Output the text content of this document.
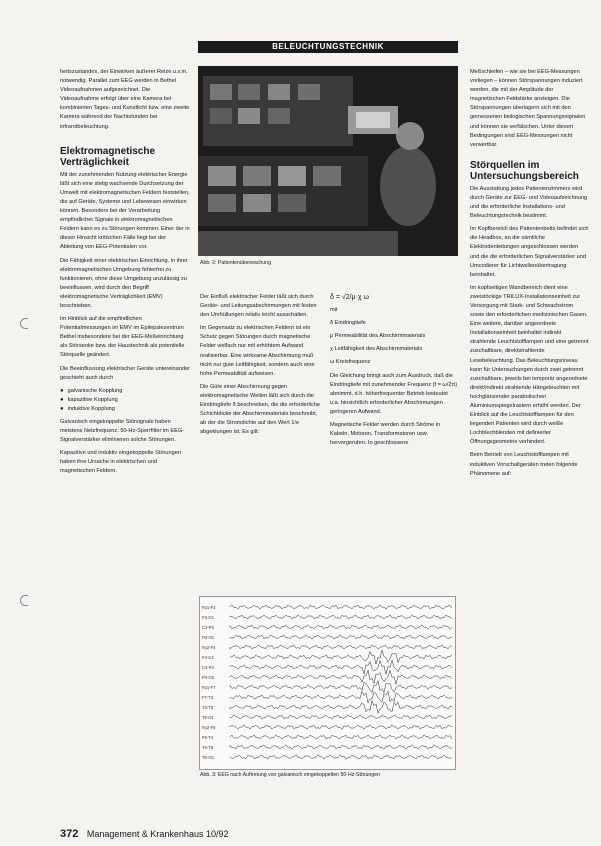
BELEUCHTUNGSTECHNIK

heitszustandes, der Einwirken äußerer Reize u.v.m. notwendig. Parallel zum EEG werden in Bethel Videoaufnahmen aufgezeichnet. Die Videoaufnahme erfolgt über eine Kamera bei kombinierten Tages- und Kunstlicht bzw. eine zweite Kamera während der Nachtstunden bei infrarotbeleuchtung.

Elektromagnetische Verträglichkeit

Mit der zunehmenden Nutzung elektrischer Energie läßt sich eine stetig wachsende Durchsetzung der Umwelt mit elektromagnetischen Feldern feststellen, die auf Geräte, Systeme und Lebewesen einwirken können. Besonders bei der Verarbeitung empfindlicher Signale in elektromagnetischen Feldern kann es zu Störungen kommen. Einer der in dieser Hinsicht kritischen Fälle liegt bei der Ableitung von EEG-Potentialen vor.

Die Fähigkeit einer elektrischen Einrichtung, in ihrer elektromagnetischen Umgebung fehlerfrei zu funktionieren, ohne diese Umgebung unzulässig zu beeinflussen, wird durch den Begriff elektromagnetische Verträglichkeit (EMV) beschrieben.

Im Hinblick auf die empfindlichen Potentialmessungen im EMV im Epilepsiezentrum Bethel insbesondere bei der EEG-Meßeinrichtung als Störsenke bzw. der Haustechnik als potentielle Störquelle geändert.

Die Beeinflussung elektrischer Geräte untereinander geschieht auch durch

● galvanische Kopplung
● kapazitive Kopplung
● induktive Kopplung

Galvanisch eingekoppelte Störsignale haben meistens Netzfrequenz. 50-Hz-Sperrfilter im EEG-Signalverstärker eliminieren solche Störungen.

Kapazitive und induktiv eingekoppelte Störungen haben ihre Ursache in elektrischen und magnetischen Feldern.

Abb. 2: Patientenüberwachung

Der Einfluß elektrischer Felder läßt sich durch Geräte- und Leitungsabschirmungen mit festen den Umhüllungen relativ leicht ausschalten.

Im Gegensatz zu elektrischen Feldern ist ein Schutz gegen Störungen durch magnetische Felder vielfach nur mit erhöhtem Aufwand realisierbar. Eine wirksame Abschirmung muß nicht nur gute Leitfähigkeit, sondern auch eine hohe Permeabilität aufweisen.

Die Güte einer Abschirmung gegen elektromagnetische Wellen läßt sich durch die Eindringtiefe δ beschreiben, die die erforderliche Schichtdicke der Abschirmmaterials beschreibt, ab der die Stromdichte auf den Wert 1/e abgeklungen ist. Es gilt:

δ = √2/μ·χ ω

mit

δ Eindringtiefe

μ Permeabilität des Abschirmmaterials

χ Leitfähigkeit des Abschirmmaterials

ω Kreisfrequenz

Die Gleichung bringt auch zum Ausdruck, daß die Eindringtiefe mit zunehmender Frequenz (f = ω/2π) abnimmt, d.h. höherfrequenter Betrieb bedeutet u.a. hinsichtlich erforderlicher Abschirmungen geringeren Aufwand.

Magnetische Felder werden durch Ströme in Kabeln, Motoren, Transformatoren usw. hervorgerufen. In geschlossene

Fp1-F3
F3-C3
C3-P3
P3-O1
Fp2-F4
F4-C4
C4-P4
P4-O2
Fp1-F7
F7-T3
T3-T5
T5-O1
Fp2-F8
F8-T4
T4-T6
T6-O2
Abb. 3: EEG nach Auftretung von galvanisch eingekoppelten 50-Hz-Störungen

Meßschleifen – wie sie bei EEG-Messungen vorliegen – können Störspannungen induziert werden, die mit der Amplitude der magnetischen Feldstärke ansteigen. Die Störspannungen überlagern sich mit den gemessenen biologischen Spannungssignalen und können sie verfälschen. Unter diesen Bedingungen sind EEG-Messungen nicht verwertbar.

Störquellen im Untersuchungsbereich

Die Ausstattung jedes Patientenzimmers wird durch Geräte zur EEG- und Videoaufzeichnung und die erforderliche Installations- und Beleuchtungstechnik bestimmt.

Im Kopfbereich des Patientenbetts befindet sich die Headbox, an die sämtliche Elektrodenleitungen angeschlossen werden und die die erforderlichen Signalverstärker und Umcodierer für Lichtwellenübertragung beinhaltet.

Im kopfseitigen Wandbereich dient eine zweistöckige TRILUX-Installationseinheit zur Versorgung mit Stark- und Schwachstrom sowie den erforderlichen medizinischen Gasen. Eine weitere, darüber angeordnete Installationseinheit beinhaltet indirekt strahlende Leuchtstofflampen und eine getrennt zuschaltbare, direktstrahlende Lesebeleuchtung. Das Beleuchtungsniveau kann für Untersuchungen durch zwei getrennt zuschaltbare, jeweils bei temporär angeordnete direkt/indirekt strahlende Hängeleuchten mit hochglänzender parabolischen Aluminiumspiegelrastern erhöht werden. Der Einblick auf die Leuchtstofflampen für den liegenden Patienten wird durch weiße Lochblechblenden mit definierter Öffnungsgeometrie verhindert.

Beim Betrieb von Leuchtstofflampen mit induktiven Vorschaltgeräten treten folgende Phänomene auf:

372 Management & Krankenhaus 10/92
